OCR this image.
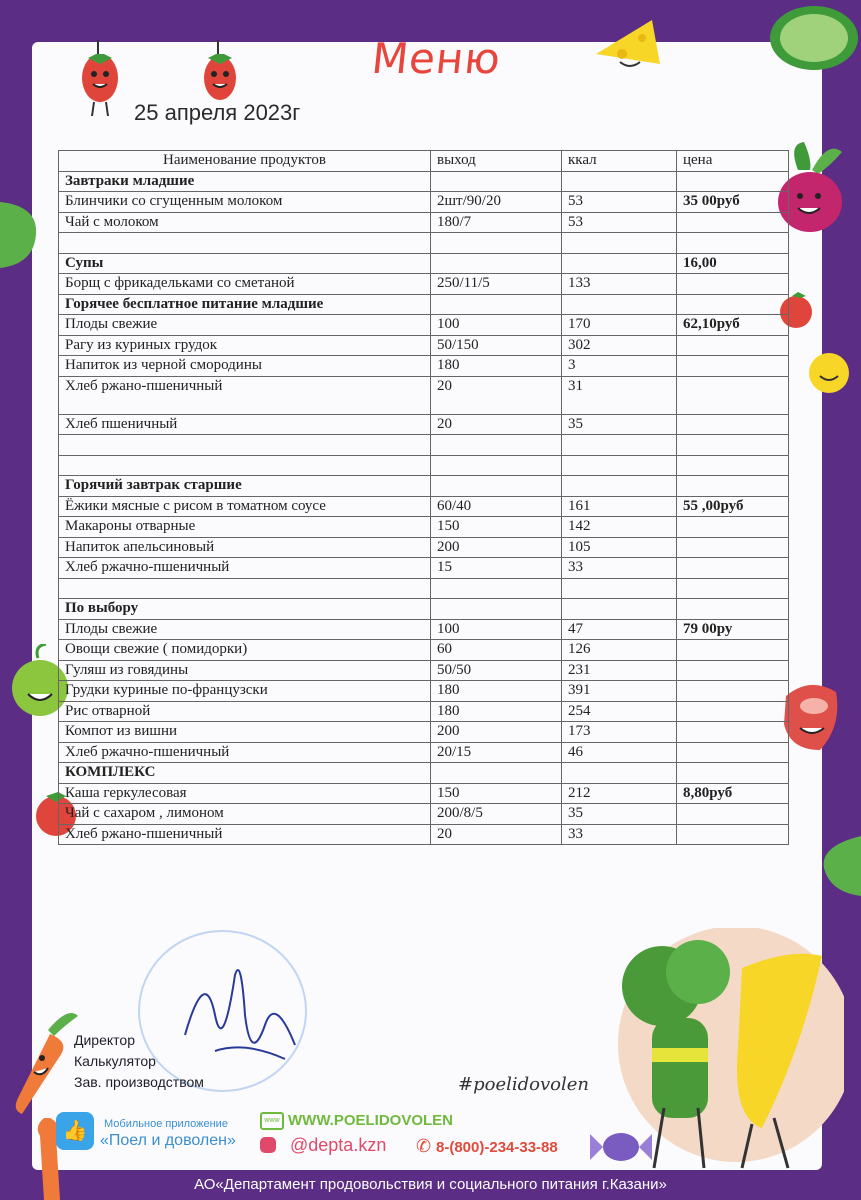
Меню
25 апреля 2023г
Наименование продуктов	выход	ккал	цена
Завтраки младшие			
Блинчики со сгущенным молоком	2шт/90/20	53	35 00руб
Чай с молоком	180/7	53	

Супы			16,00
Борщ с фрикадельками со сметаной	250/11/5	133	
Горячее бесплатное питание младшие			
Плоды свежие	100	170	62,10руб
Рагу из куриных грудок	50/150	302	
Напиток из черной смородины	180	3	
Хлеб ржано-пшеничный	20	31	
Хлеб пшеничный	20	35	

Горячий завтрак старшие			
Ёжики мясные с рисом в томатном соусе	60/40	161	55 ,00руб
Макароны отварные	150	142	
Напиток апельсиновый	200	105	
Хлеб ржачно-пшеничный	15	33	

По выбору			
Плоды свежие	100	47	79 00ру
Овощи свежие ( помидорки)	60	126	
Гуляш из говядины	50/50	231	
Грудки куриные по-французски	180	391	
Рис отварной	180	254	
Компот из вишни	200	173	
Хлеб ржачно-пшеничный	20/15	46	
КОМПЛЕКС			
Каша геркулесовая	150	212	8,80руб
Чай с сахаром , лимоном	200/8/5	35	
Хлеб ржано-пшеничный	20	33	
Директор
Калькулятор
Зав. производством	#poelidovolen
👍	Мобильное приложение
«Поел и доволен»
www WWW.POELIDOVOLEN
@depta.kzn ✆ 8-(800)-234-33-88
АО«Департамент продовольствия и социального питания г.Казани»
